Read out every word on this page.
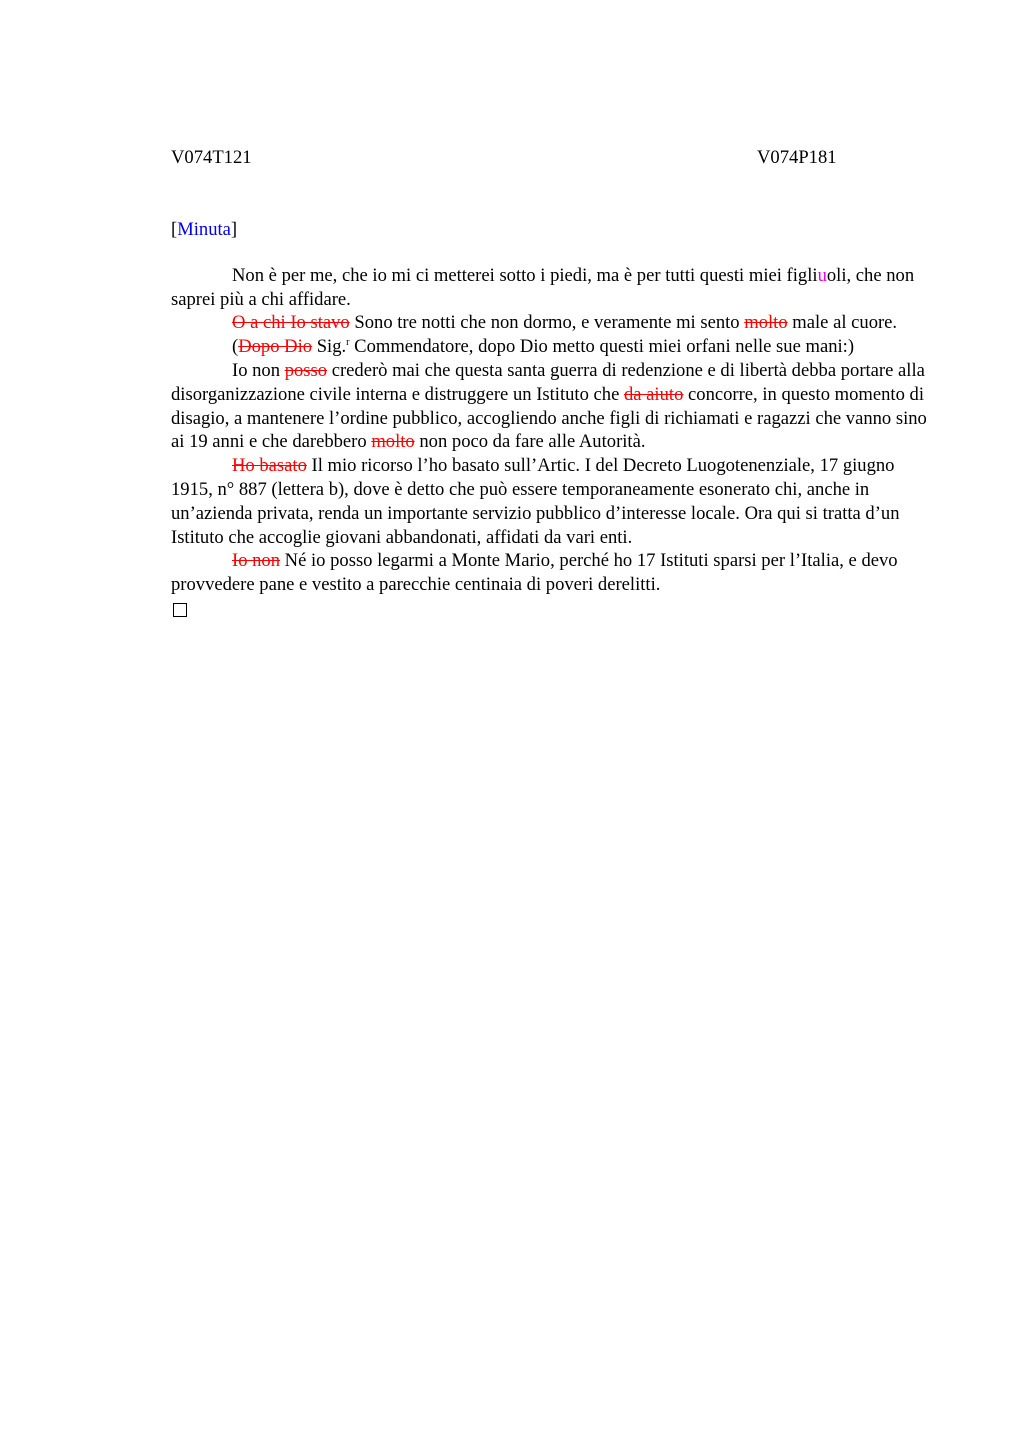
V074T121	V074P181
[Minuta]

Non è per me, che io mi ci metterei sotto i piedi, ma è per tutti questi miei figliuoli, che non saprei più a chi affidare.

O a chi Io stavo Sono tre notti che non dormo, e veramente mi sento molto male al cuore.

(Dopo Dio Sig.$^r$ Commendatore, dopo Dio metto questi miei orfani nelle sue mani:)

Io non posso crederò mai che questa santa guerra di redenzione e di libertà debba portare alla disorganizzazione civile interna e distruggere un Istituto che da aiuto concorre, in questo momento di disagio, a mantenere l’ordine pubblico, accogliendo anche figli di richiamati e ragazzi che vanno sino ai 19 anni e che darebbero molto non poco da fare alle Autorità.

Ho basato Il mio ricorso l’ho basato sull’Artic. I del Decreto Luogotenenziale, 17 giugno 1915, n° 887 (lettera b), dove è detto che può essere temporaneamente esonerato chi, anche in un’azienda privata, renda un importante servizio pubblico d’interesse locale. Ora qui si tratta d’un Istituto che accoglie giovani abbandonati, affidati da vari enti.

Io non Né io posso legarmi a Monte Mario, perché ho 17 Istituti sparsi per l’Italia, e devo provvedere pane e vestito a parecchie centinaia di poveri derelitti.
